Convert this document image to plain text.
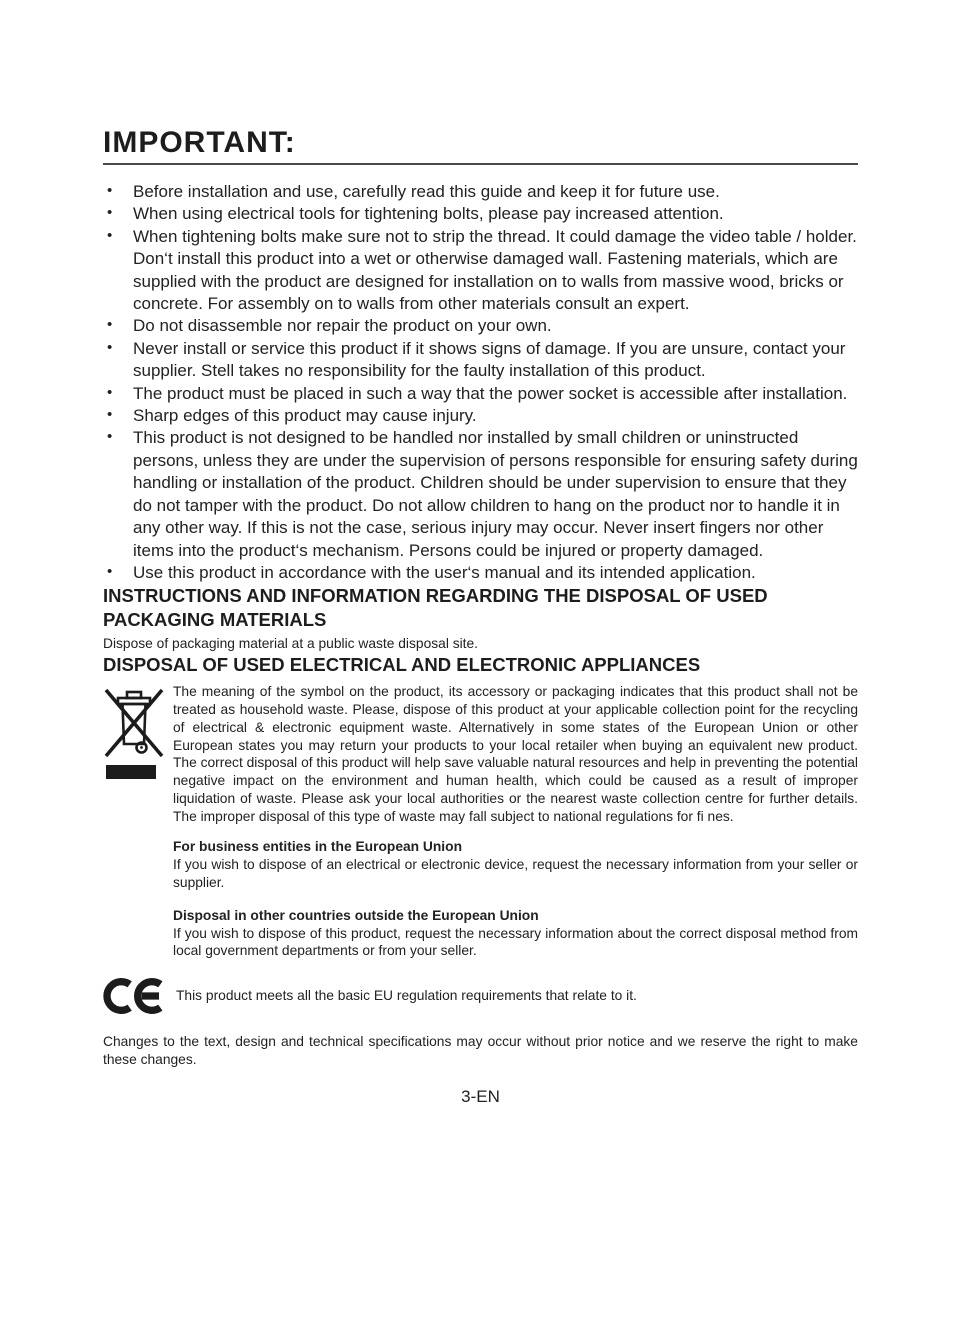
IMPORTANT:
• Before installation and use, carefully read this guide and keep it for future use.
• When using electrical tools for tightening bolts, please pay increased attention.
• When tightening bolts make sure not to strip the thread. It could damage the video table / holder. Don‘t install this product into a wet or otherwise damaged wall. Fastening materials, which are supplied with the product are designed for installation on to walls from massive wood, bricks or concrete. For assembly on to walls from other materials consult an expert.
• Do not disassemble nor repair the product on your own.
• Never install or service this product if it shows signs of damage. If you are unsure, contact your supplier. Stell takes no responsibility for the faulty installation of this product.
• The product must be placed in such a way that the power socket is accessible after installation.
• Sharp edges of this product may cause injury.
• This product is not designed to be handled nor installed by small children or uninstructed persons, unless they are under the supervision of persons responsible for ensuring safety during handling or installation of the product. Children should be under supervision to ensure that they do not tamper with the product. Do not allow children to hang on the product nor to handle it in any other way. If this is not the case, serious injury may occur. Never insert fingers nor other items into the product‘s mechanism. Persons could be injured or property damaged.
• Use this product in accordance with the user‘s manual and its intended application.
INSTRUCTIONS AND INFORMATION REGARDING THE DISPOSAL OF USED PACKAGING MATERIALS

Dispose of packaging material at a public waste disposal site.

DISPOSAL OF USED ELECTRICAL AND ELECTRONIC APPLIANCES

The meaning of the symbol on the product, its accessory or packaging indicates that this product shall not be treated as household waste. Please, dispose of this product at your applicable collection point for the recycling of electrical & electronic equipment waste. Alternatively in some states of the European Union or other European states you may return your products to your local retailer when buying an equivalent new product. The correct disposal of this product will help save valuable natural resources and help in preventing the potential negative impact on the environment and human health, which could be caused as a result of improper liquidation of waste. Please ask your local authorities or the nearest waste collection centre for further details. The improper disposal of this type of waste may fall subject to national regulations for fi nes.

For business entities in the European Union

If you wish to dispose of an electrical or electronic device, request the necessary information from your seller or supplier.

Disposal in other countries outside the European Union

If you wish to dispose of this product, request the necessary information about the correct disposal method from local government departments or from your seller.

This product meets all the basic EU regulation requirements that relate to it.

Changes to the text, design and technical specifications may occur without prior notice and we reserve the right to make these changes.

3-EN
